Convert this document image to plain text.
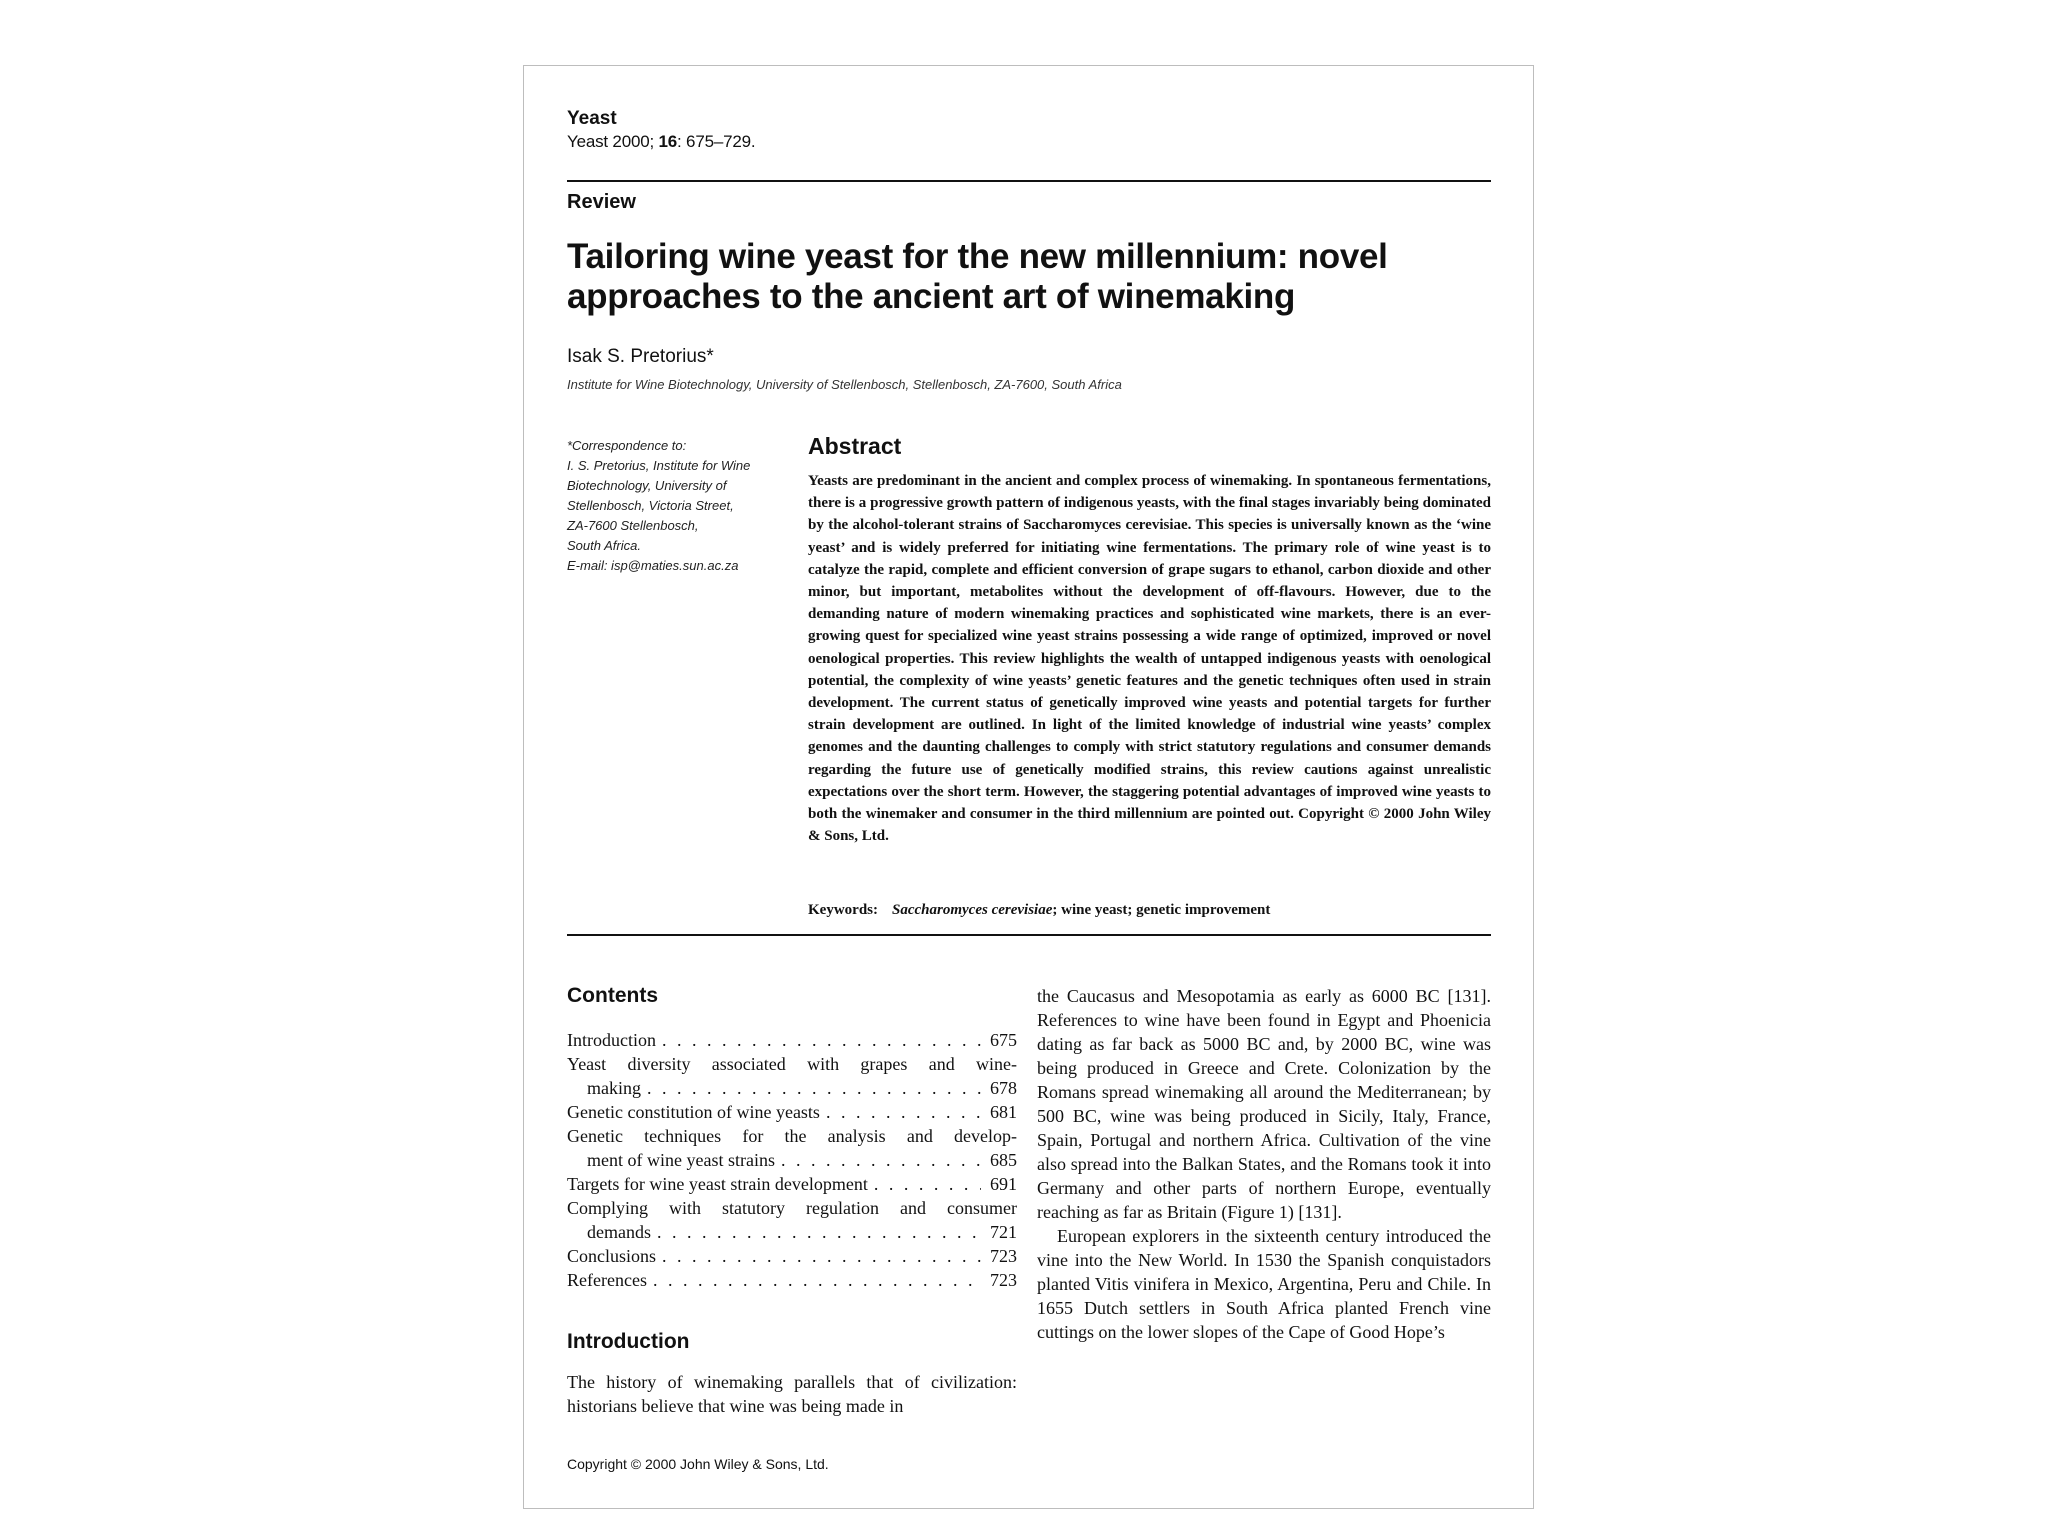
Yeast
Yeast 2000; 16: 675–729.
Review
Tailoring wine yeast for the new millennium: novel approaches to the ancient art of winemaking
Isak S. Pretorius*
Institute for Wine Biotechnology, University of Stellenbosch, Stellenbosch, ZA-7600, South Africa
*Correspondence to:
I. S. Pretorius, Institute for Wine
Biotechnology, University of
Stellenbosch, Victoria Street,
ZA-7600 Stellenbosch,
South Africa.
E-mail: isp@maties.sun.ac.za
Abstract

Yeasts are predominant in the ancient and complex process of winemaking. In spontaneous fermentations, there is a progressive growth pattern of indigenous yeasts, with the final stages invariably being dominated by the alcohol-tolerant strains of Saccharomyces cerevisiae. This species is universally known as the ‘wine yeast’ and is widely preferred for initiating wine fermentations. The primary role of wine yeast is to catalyze the rapid, complete and efficient conversion of grape sugars to ethanol, carbon dioxide and other minor, but important, metabolites without the development of off-flavours. However, due to the demanding nature of modern winemaking practices and sophisticated wine markets, there is an ever-growing quest for specialized wine yeast strains possessing a wide range of optimized, improved or novel oenological properties. This review highlights the wealth of untapped indigenous yeasts with oenological potential, the complexity of wine yeasts’ genetic features and the genetic techniques often used in strain development. The current status of genetically improved wine yeasts and potential targets for further strain development are outlined. In light of the limited knowledge of industrial wine yeasts’ complex genomes and the daunting challenges to comply with strict statutory regulations and consumer demands regarding the future use of genetically modified strains, this review cautions against unrealistic expectations over the short term. However, the staggering potential advantages of improved wine yeasts to both the winemaker and consumer in the third millennium are pointed out. Copyright © 2000 John Wiley & Sons, Ltd.

Keywords: Saccharomyces cerevisiae; wine yeast; genetic improvement
Contents
Introduction . . .	675
Yeast diversity associated with grapes and wine-
making . . .	678
Genetic constitution of wine yeasts . . .	681
Genetic techniques for the analysis and develop-
ment of wine yeast strains . . .	685
Targets for wine yeast strain development . . .	691
Complying with statutory regulation and consumer
demands . . .	721
Conclusions . . .	723
References . . .	723
Introduction

The history of winemaking parallels that of civilization: historians believe that wine was being made in

the Caucasus and Mesopotamia as early as 6000 BC [131]. References to wine have been found in Egypt and Phoenicia dating as far back as 5000 BC and, by 2000 BC, wine was being produced in Greece and Crete. Colonization by the Romans spread winemaking all around the Mediterranean; by 500 BC, wine was being produced in Sicily, Italy, France, Spain, Portugal and northern Africa. Cultivation of the vine also spread into the Balkan States, and the Romans took it into Germany and other parts of northern Europe, eventually reaching as far as Britain (Figure 1) [131].

European explorers in the sixteenth century introduced the vine into the New World. In 1530 the Spanish conquistadors planted Vitis vinifera in Mexico, Argentina, Peru and Chile. In 1655 Dutch settlers in South Africa planted French vine cuttings on the lower slopes of the Cape of Good Hope’s

Copyright © 2000 John Wiley & Sons, Ltd.
